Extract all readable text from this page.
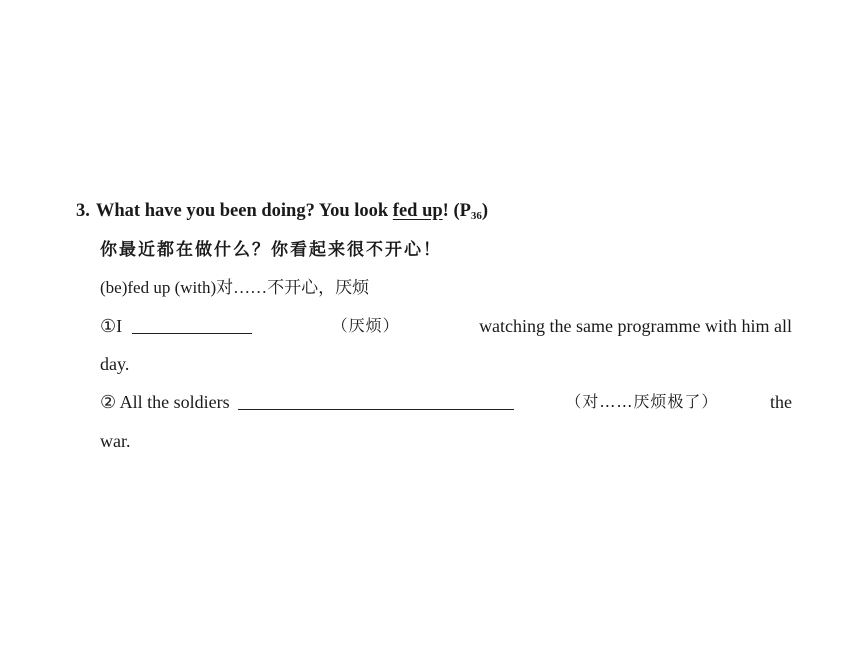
3. What have you been doing? You look fed up! $(P_{36})$
你最近都在做什么？你看起来很不开心！
(be)fed up (with)对……不开心，厌烦
①I	（厌烦）	watching the same programme with him all
day.
② All the soldiers	（对……厌烦极了）	the
war.
